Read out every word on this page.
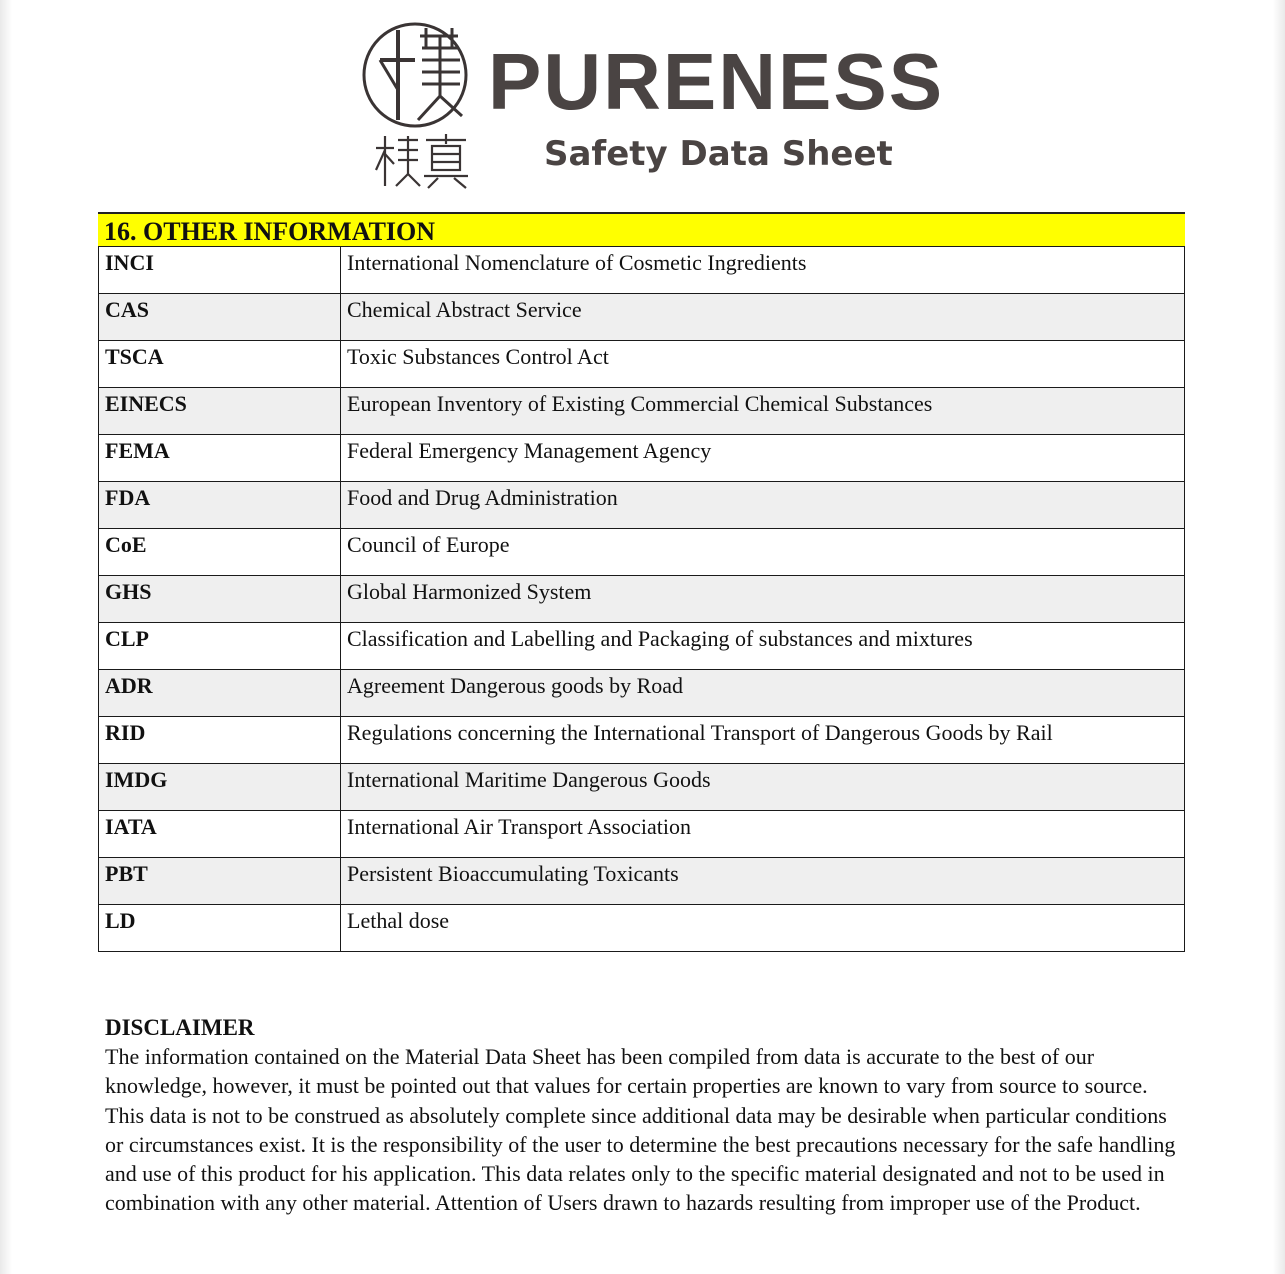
PURENESS
Safety Data Sheet
16. OTHER INFORMATION
INCI	International Nomenclature of Cosmetic Ingredients
CAS	Chemical Abstract Service
TSCA	Toxic Substances Control Act
EINECS	European Inventory of Existing Commercial Chemical Substances
FEMA	Federal Emergency Management Agency
FDA	Food and Drug Administration
CoE	Council of Europe
GHS	Global Harmonized System
CLP	Classification and Labelling and Packaging of substances and mixtures
ADR	Agreement Dangerous goods by Road
RID	Regulations concerning the International Transport of Dangerous Goods by Rail
IMDG	International Maritime Dangerous Goods
IATA	International Air Transport Association
PBT	Persistent Bioaccumulating Toxicants
LD	Lethal dose
DISCLAIMER

The information contained on the Material Data Sheet has been compiled from data is accurate to the best of our knowledge, however, it must be pointed out that values for certain properties are known to vary from source to source. This data is not to be construed as absolutely complete since additional data may be desirable when particular conditions or circumstances exist. It is the responsibility of the user to determine the best precautions necessary for the safe handling and use of this product for his application. This data relates only to the specific material designated and not to be used in combination with any other material. Attention of Users drawn to hazards resulting from improper use of the Product.
